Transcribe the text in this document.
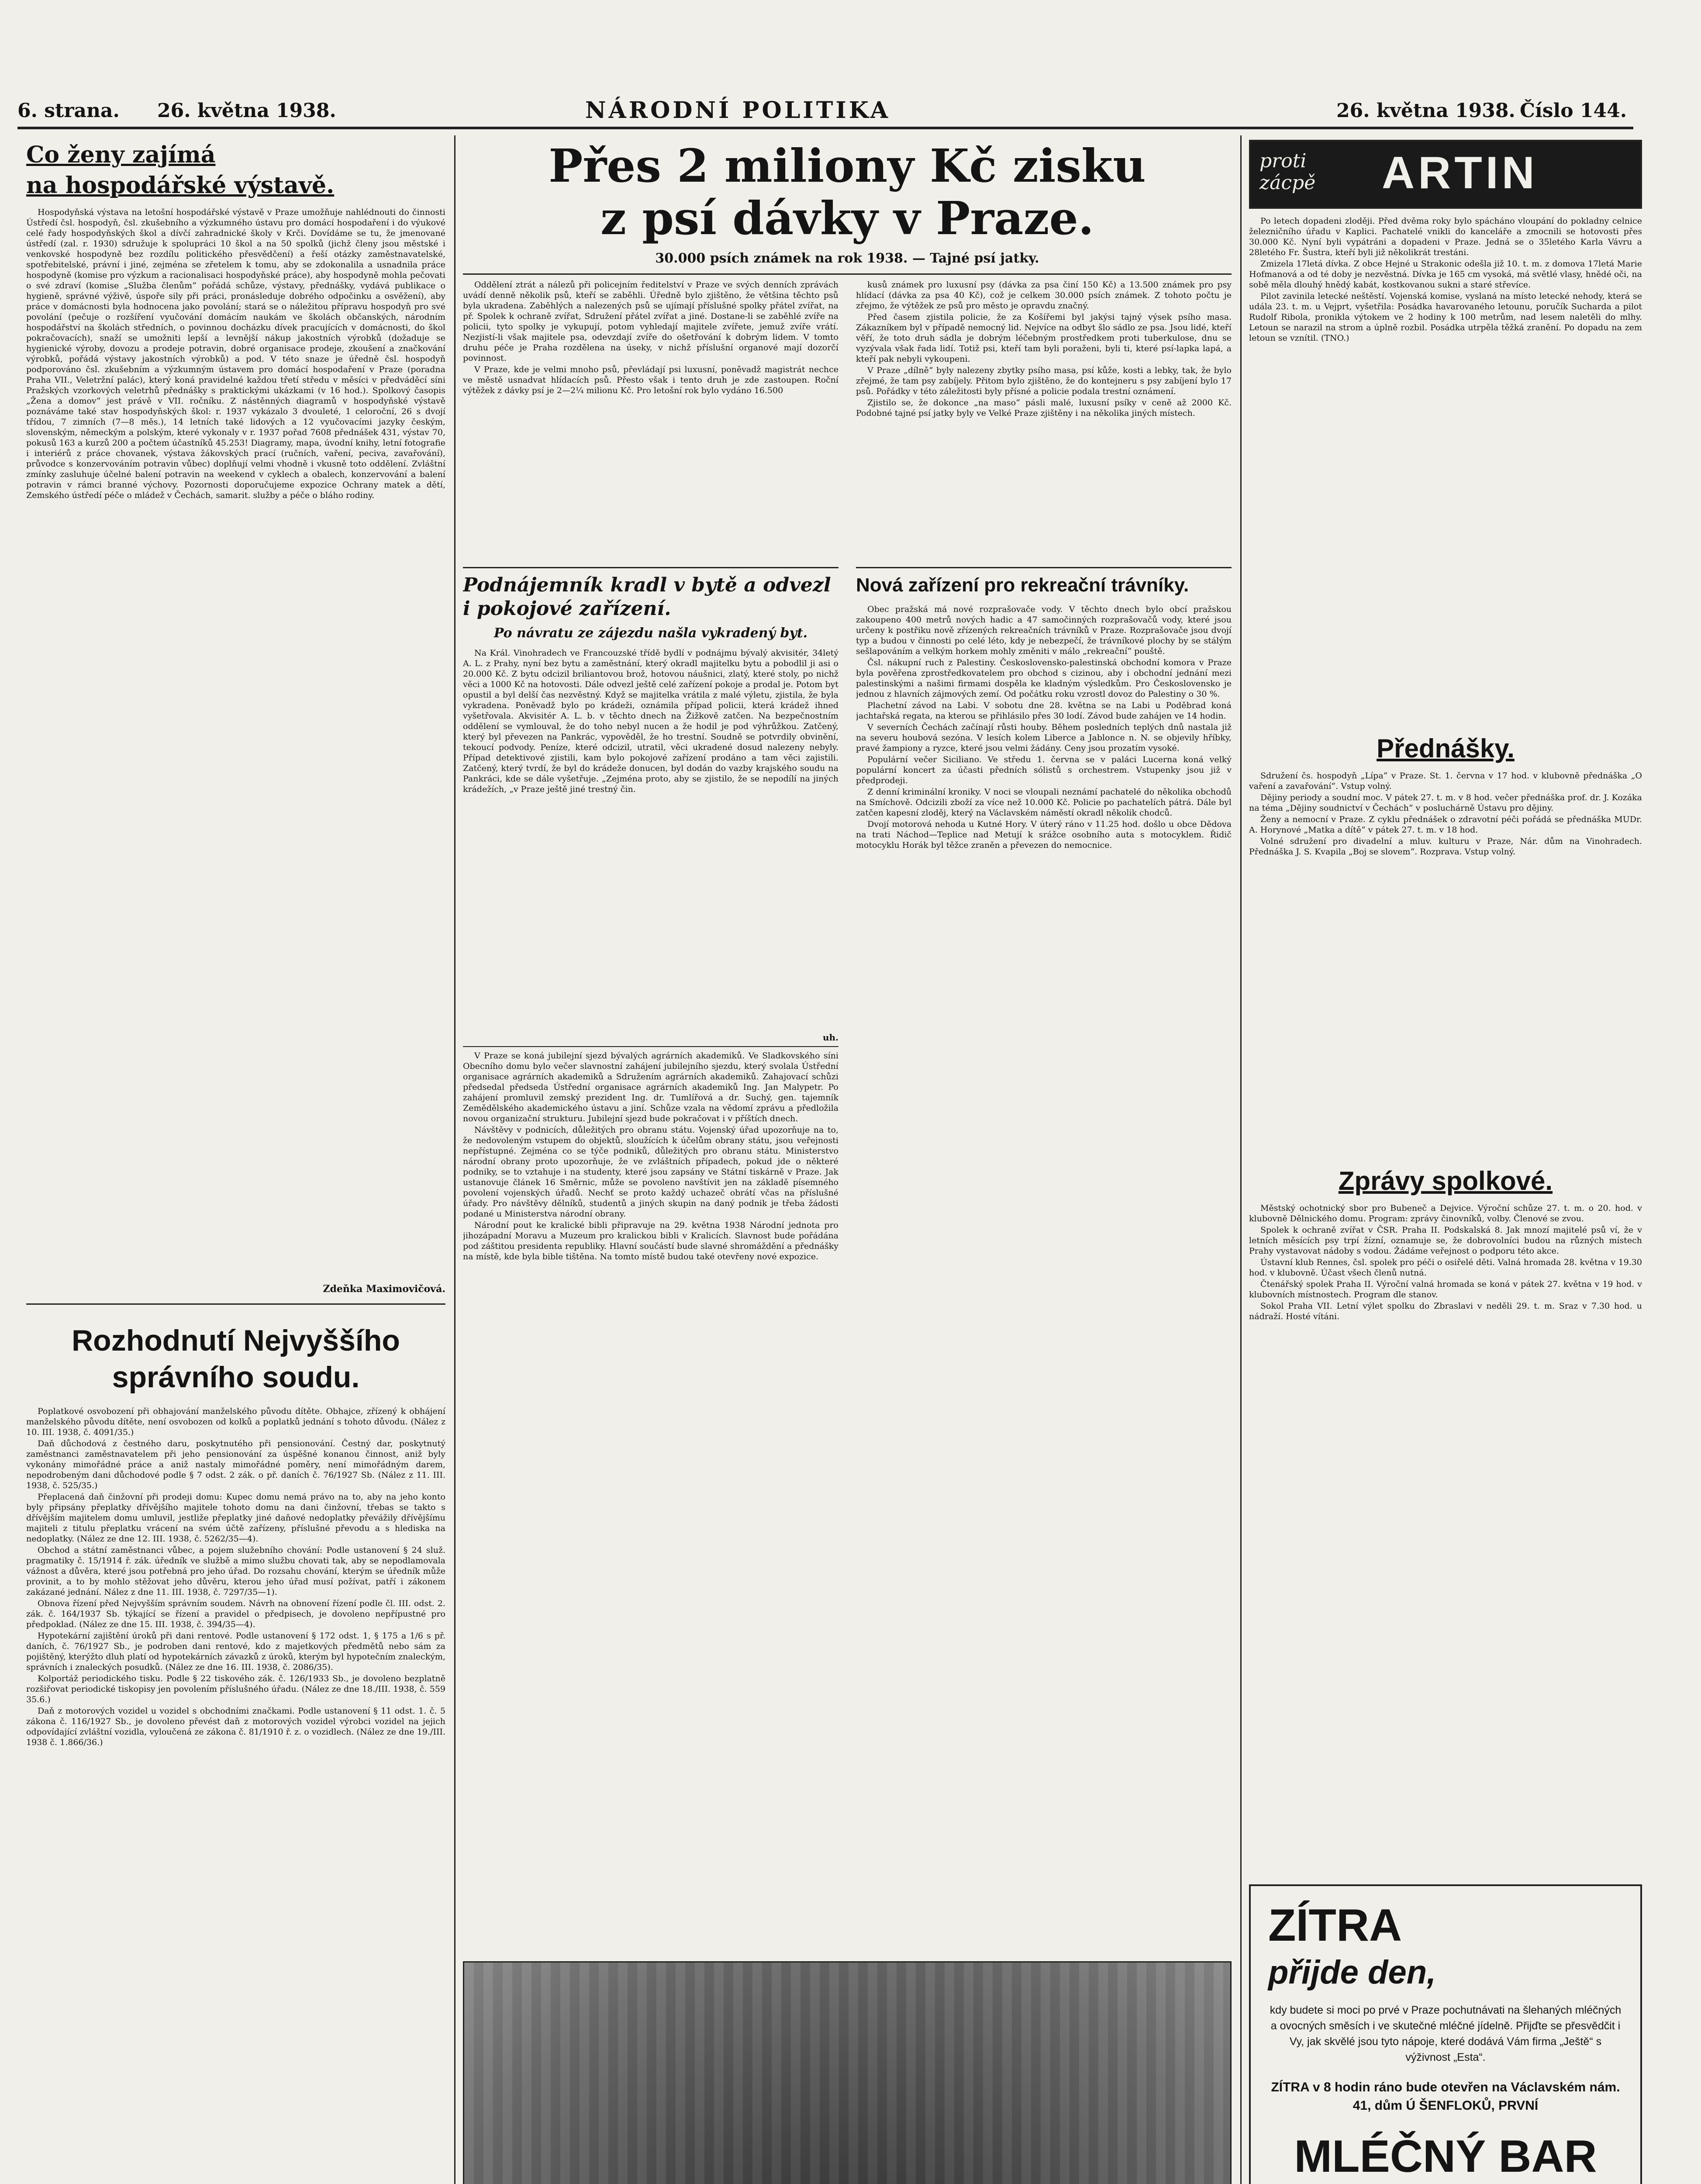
6. strana. 26. května 1938.	NÁRODNÍ POLITIKA	26. května 1938. Číslo 144.
Co ženy zajímá
na hospodářské výstavě.

Hospodyňská výstava na letošní hospodářské výstavě v Praze umožňuje nahlédnouti do činnosti Ústředí čsl. hospodyň, čsl. zkušebního a výzkumného ústavu pro domácí hospodaření i do výukové celé řady hospodyňských škol a dívčí zahradnické školy v Krči. Dovídáme se tu, že jmenované ústředí (zal. r. 1930) sdružuje k spolupráci 10 škol a na 50 spolků (jichž členy jsou městské i venkovské hospodyně bez rozdílu politického přesvědčení) a řeší otázky zaměstnavatelské, spotřebitelské, právní i jiné, zejména se zřetelem k tomu, aby se zdokonalila a usnadnila práce hospodyně (komise pro výzkum a racionalisaci hospodyňské práce), aby hospodyně mohla pečovati o své zdraví (komise „Služba členům“ pořádá schůze, výstavy, přednášky, vydává publikace o hygieně, správné výživě, úspoře sily při práci, pronásleduje dobrého odpočinku a osvěžení), aby práce v domácnosti byla hodnocena jako povolání; stará se o náležitou přípravu hospodyň pro své povolání (pečuje o rozšíření vyučování domácím naukám ve školách občanských, národním hospodářství na školách středních, o povinnou docházku dívek pracujících v domácnosti, do škol pokračovacích), snaží se umožniti lepší a levnější nákup jakostních výrobků (dožaduje se hygienické výroby, dovozu a prodeje potravin, dobré organisace prodeje, zkoušení a značkování výrobků, pořádá výstavy jakostních výrobků) a pod. V této snaze je úředně čsl. hospodyň podporováno čsl. zkušebním a výzkumným ústavem pro domácí hospodaření v Praze (poradna Praha VII., Veletržní palác), který koná pravidelné každou třetí středu v měsíci v předváděcí síni Pražských vzorkových veletrhů přednášky s praktickými ukázkami (v 16 hod.). Spolkový časopis „Žena a domov“ jest právě v VII. ročníku. Z nástěnných diagramů v hospodyňské výstavě poznáváme také stav hospodyňských škol: r. 1937 vykázalo 3 dvouleté, 1 celoroční, 26 s dvojí třídou, 7 zimních (7—8 měs.), 14 letních také lidových a 12 vyučovacími jazyky českým, slovenským, německým a polským, které vykonaly v r. 1937 pořad 7608 přednášek 431, výstav 70, pokusů 163 a kurzů 200 a počtem účastníků 45.253! Diagramy, mapa, úvodní knihy, letní fotografie i interiérů z práce chovanek, výstava žákovských prací (ručních, vaření, peciva, zavařování), průvodce s konzervováním potravin vůbec) doplňují velmi vhodně i vkusně toto oddělení. Zvláštní zmínky zasluhuje účelné balení potravin na weekend v cyklech a obalech, konzervování a balení potravin v rámci branné výchovy. Pozornosti doporučujeme expozice Ochrany matek a dětí, Zemského ústředí péče o mládež v Čechách, samarit. služby a péče o bláho rodiny.

Zdeňka Maximovičová.
Rozhodnutí Nejvyššího
správního soudu.

Poplatkové osvobození při obhajování manželského původu dítěte. Obhajce, zřízený k obhájení manželského původu dítěte, není osvobozen od kolků a poplatků jednání s tohoto důvodu. (Nález z 10. III. 1938, č. 4091/35.)

Daň důchodová z čestného daru, poskytnutého při pensionování. Čestný dar, poskytnutý zaměstnanci zaměstnavatelem při jeho pensionování za úspěšné konanou činnost, aniž byly vykonány mimořádné práce a aniž nastaly mimořádné poměry, není mimořádným darem, nepodrobeným dani důchodové podle § 7 odst. 2 zák. o př. daních č. 76/1927 Sb. (Nález z 11. III. 1938, č. 525/35.)

Přeplacená daň činžovní při prodeji domu: Kupec domu nemá právo na to, aby na jeho konto byly připsány přeplatky dřívějšího majitele tohoto domu na dani činžovní, třebas se takto s dřívějším majitelem domu umluvil, jestliže přeplatky jiné daňové nedoplatky převážily dřívějšímu majiteli z titulu přeplatku vrácení na svém účtě zařízeny, příslušné převodu a s hlediska na nedoplatky. (Nález ze dne 12. III. 1938, č. 5262/35—4).

Obchod a státní zaměstnanci vůbec, a pojem služebního chování: Podle ustanovení § 24 služ. pragmatiky č. 15/1914 ř. zák. úředník ve službě a mimo službu chovati tak, aby se nepodlamovala vážnost a důvěra, které jsou potřebná pro jeho úřad. Do rozsahu chování, kterým se úředník může provinit, a to by mohlo stěžovat jeho důvěru, kterou jeho úřad musí požívat, patří i zákonem zakázané jednání. Nález z dne 11. III. 1938, č. 7297/35—1).

Obnova řízení před Nejvyšším správním soudem. Návrh na obnovení řízení podle čl. III. odst. 2. zák. č. 164/1937 Sb. týkající se řízení a pravidel o předpisech, je dovoleno nepřípustné pro předpoklad. (Nález ze dne 15. III. 1938, č. 394/35—4).

Hypotekární zajištění úroků při dani rentové. Podle ustanovení § 172 odst. 1, § 175 a 1/6 s př. daních, č. 76/1927 Sb., je podroben dani rentové, kdo z majetkových předmětů nebo sám za pojištěný, kterýžto dluh platí od hypotekárních závazků z úroků, kterým byl hypotečním znaleckým, správních i znaleckých posudků. (Nález ze dne 16. III. 1938, č. 2086/35).

Kolportáž periodického tisku. Podle § 22 tiskového zák. č. 126/1933 Sb., je dovoleno bezplatně rozšiřovat periodické tiskopisy jen povolením příslušného úřadu. (Nález ze dne 18./III. 1938, č. 559 35.6.)

Daň z motorových vozidel u vozidel s obchodními značkami. Podle ustanovení § 11 odst. 1. č. 5 zákona č. 116/1927 Sb., je dovoleno převést daň z motorových vozidel výrobci vozidel na jejich odpovídající zvláštní vozidla, vyloučená ze zákona č. 81/1910 ř. z. o vozidlech. (Nález ze dne 19./III. 1938 č. 1.866/36.)

Přes 2 miliony Kč zisku
z psí dávky v Praze.
30.000 psích známek na rok 1938. — Tajné psí jatky.

Oddělení ztrát a nálezů při policejním ředitelství v Praze ve svých denních zprávách uvádí denně několik psů, kteří se zaběhli. Úředně bylo zjištěno, že většina těchto psů byla ukradena. Zaběhlých a nalezených psů se ujímají příslušné spolky přátel zvířat, na př. Spolek k ochraně zvířat, Sdružení přátel zvířat a jiné. Dostane-li se zaběhlé zvíře na policii, tyto spolky je vykupují, potom vyhledají majitele zvířete, jemuž zvíře vrátí. Nezjistí-li však majitele psa, odevzdají zvíře do ošetřování k dobrým lidem. V tomto druhu péče je Praha rozdělena na úseky, v nichž příslušní organové mají dozorčí povinnost.

V Praze, kde je velmi mnoho psů, převládají psi luxusní, poněvadž magistrát nechce ve městě usnadvat hlídacích psů. Přesto však i tento druh je zde zastoupen. Roční výtěžek z dávky psí je 2—2¼ milionu Kč. Pro letošní rok bylo vydáno 16.500

Podnájemník kradl v bytě a odvezl i pokojové zařízení.
Po návratu ze zájezdu našla vykradený byt.

Na Král. Vinohradech ve Francouzské třídě bydlí v podnájmu bývalý akvisitér, 34letý A. L. z Prahy, nyní bez bytu a zaměstnání, který okradl majitelku bytu a pobodlil ji asi o 20.000 Kč. Z bytu odcizil briliantovou brož, hotovou náušnici, zlatý, které stoly, po nichž věci a 1000 Kč na hotovosti. Dále odvezl ještě celé zařízení pokoje a prodal je. Potom byt opustil a byl delší čas nezvěstný. Když se majitelka vrátila z malé výletu, zjistila, že byla vykradena. Poněvadž bylo po krádeži, oznámila případ policii, která krádež ihned vyšetřovala. Akvisitér A. L. b. v těchto dnech na Žižkově zatčen. Na bezpečnostním oddělení se vymlouval, že do toho nebyl nucen a že hodil je pod výhrůžkou. Zatčený, který byl převezen na Pankrác, vypověděl, že ho trestní. Soudně se potvrdily obvinění, tekoucí podvody. Peníze, které odcizil, utratil, věci ukradené dosud nalezeny nebyly. Případ detektivové zjistili, kam bylo pokojové zařízení prodáno a tam věci zajistili. Zatčený, který tvrdí, že byl do krádeže donucen, byl dodán do vazby krajského soudu na Pankráci, kde se dále vyšetřuje. „Zejména proto, aby se zjistilo, že se nepodílí na jiných krádežích, „v Praze ještě jiné trestný čin.

uh.

V Praze se koná jubilejní sjezd bývalých agrárních akademiků. Ve Sladkovského síni Obecního domu bylo večer slavnostní zahájení jubilejního sjezdu, který svolala Ústřední organisace agrárních akademiků a Sdružením agrárních akademiků. Zahajovací schůzi předsedal předseda Ústřední organisace agrárních akademiků Ing. Jan Malypetr. Po zahájení promluvil zemský prezident Ing. dr. Tumlířová a dr. Suchý, gen. tajemník Zemědělského akademického ústavu a jiní. Schůze vzala na vědomí zprávu a předložila novou organizační strukturu. Jubilejní sjezd bude pokračovat i v příštích dnech.

Návštěvy v podnicích, důležitých pro obranu státu. Vojenský úřad upozorňuje na to, že nedovoleným vstupem do objektů, sloužících k účelům obrany státu, jsou veřejnosti nepřístupné. Zejména co se týče podniků, důležitých pro obranu státu. Ministerstvo národní obrany proto upozorňuje, že ve zvláštních případech, pokud jde o některé podniky, se to vztahuje i na studenty, které jsou zapsány ve Státní tiskárně v Praze. Jak ustanovuje článek 16 Směrnic, může se povoleno navštívit jen na základě písemného povolení vojenských úřadů. Nechť se proto každý uchazeč obrátí včas na příslušné úřady. Pro návštěvy dělníků, studentů a jiných skupin na daný podnik je třeba žádosti podané u Ministerstva národní obrany.

Národní pout ke kralické bibli připravuje na 29. května 1938 Národní jednota pro jihozápadní Moravu a Muzeum pro kralickou bibli v Kralicích. Slavnost bude pořádána pod záštitou presidenta republiky. Hlavní součástí bude slavné shromáždění a přednášky na místě, kde byla bible tištěna. Na tomto místě budou také otevřeny nové expozice.

kusů známek pro luxusní psy (dávka za psa činí 150 Kč) a 13.500 známek pro psy hlídací (dávka za psa 40 Kč), což je celkem 30.000 psích známek. Z tohoto počtu je zřejmo, že výtěžek ze psů pro město je opravdu značný.

Před časem zjistila policie, že za Košířemi byl jakýsi tajný výsek psího masa. Zákazníkem byl v případě nemocný lid. Nejvíce na odbyt šlo sádlo ze psa. Jsou lidé, kteří věří, že toto druh sádla je dobrým léčebným prostředkem proti tuberkulose, dnu se vyzývala však řada lidí. Totiž psi, kteří tam byli poraženi, byli ti, které psí-lapka lapá, a kteří pak nebyli vykoupeni.

V Praze „dílně“ byly nalezeny zbytky psího masa, psí kůže, kosti a lebky, tak, že bylo zřejmé, že tam psy zabíjely. Přitom bylo zjištěno, že do kontejneru s psy zabíjení bylo 17 psů. Pořádky v této záležitosti byly přísné a policie podala trestní oznámení.

Zjistilo se, že dokonce „na maso“ pásli malé, luxusní psíky v ceně až 2000 Kč. Podobné tajné psí jatky byly ve Velké Praze zjištěny i na několika jiných místech.

Nová zařízení pro rekreační trávníky.

Obec pražská má nové rozprašovače vody. V těchto dnech bylo obcí pražskou zakoupeno 400 metrů nových hadic a 47 samočinných rozprašovačů vody, které jsou určeny k postřiku nově zřízených rekreačních trávníků v Praze. Rozprašovače jsou dvojí typ a budou v činnosti po celé léto, kdy je nebezpečí, že trávníkové plochy by se stálým sešlapováním a velkým horkem mohly změniti v málo „rekreační“ pouště.

Čsl. nákupní ruch z Palestiny. Československo-palestinská obchodní komora v Praze byla pověřena zprostředkovatelem pro obchod s cizinou, aby i obchodní jednání mezi palestinskými a našimi firmami dospěla ke kladným výsledkům. Pro Československo je jednou z hlavních zájmových zemí. Od počátku roku vzrostl dovoz do Palestiny o 30 %.

Plachetní závod na Labi. V sobotu dne 28. května se na Labi u Poděbrad koná jachtařská regata, na kterou se přihlásilo přes 30 lodí. Závod bude zahájen ve 14 hodin.

V severních Čechách začínají růsti houby. Během posledních teplých dnů nastala již na severu houbová sezóna. V lesích kolem Liberce a Jablonce n. N. se objevily hříbky, pravé žampiony a ryzce, které jsou velmi žádány. Ceny jsou prozatím vysoké.

Populární večer Siciliano. Ve středu 1. června se v paláci Lucerna koná velký populární koncert za účasti předních sólistů s orchestrem. Vstupenky jsou již v předprodeji.

Z denní kriminální kroniky. V noci se vloupali neznámí pachatelé do několika obchodů na Smíchově. Odcizili zboží za více než 10.000 Kč. Policie po pachatelích pátrá. Dále byl zatčen kapesní zloděj, který na Václavském náměstí okradl několik chodců.

Dvojí motorová nehoda u Kutné Hory. V úterý ráno v 11.25 hod. došlo u obce Dědova na trati Náchod—Teplice nad Metují k srážce osobního auta s motocyklem. Řidič motocyklu Horák byl těžce zraněn a převezen do nemocnice.

proti zácpě	ARTIN

Po letech dopadeni zloději. Před dvěma roky bylo spácháno vloupání do pokladny celnice železničního úřadu v Kaplici. Pachatelé vnikli do kanceláře a zmocnili se hotovosti přes 30.000 Kč. Nyní byli vypátráni a dopadeni v Praze. Jedná se o 35letého Karla Vávru a 28letého Fr. Šustra, kteří byli již několikrát trestáni.

Zmizela 17letá dívka. Z obce Hejné u Strakonic odešla již 10. t. m. z domova 17letá Marie Hofmanová a od té doby je nezvěstná. Dívka je 165 cm vysoká, má světlé vlasy, hnědé oči, na sobě měla dlouhý hnědý kabát, kostkovanou sukni a staré střevíce.

Pilot zavinila letecké neštěstí. Vojenská komise, vyslaná na místo letecké nehody, která se udála 23. t. m. u Vejprt, vyšetřila: Posádka havarovaného letounu, poručík Sucharda a pilot Rudolf Ribola, pronikla výtokem ve 2 hodiny k 100 metrům, nad lesem naletěli do mlhy. Letoun se narazil na strom a úplně rozbil. Posádka utrpěla těžká zranění. Po dopadu na zem letoun se vznítil. (TNO.)

Přednášky.

Sdružení čs. hospodyň „Lípa“ v Praze. St. 1. června v 17 hod. v klubovně přednáška „O vaření a zavařování“. Vstup volný.

Dějiny periody a soudní moc. V pátek 27. t. m. v 8 hod. večer přednáška prof. dr. J. Kozáka na téma „Dějiny soudnictví v Čechách“ v posluchárně Ústavu pro dějiny.

Ženy a nemocní v Praze. Z cyklu přednášek o zdravotní péči pořádá se přednáška MUDr. A. Horynové „Matka a dítě“ v pátek 27. t. m. v 18 hod.

Volné sdružení pro divadelní a mluv. kulturu v Praze, Nár. dům na Vinohradech. Přednáška J. S. Kvapila „Boj se slovem“. Rozprava. Vstup volný.

Zprávy spolkové.

Městský ochotnický sbor pro Bubeneč a Dejvice. Výroční schůze 27. t. m. o 20. hod. v klubovně Dělnického domu. Program: zprávy činovníků, volby. Členové se zvou.

Spolek k ochraně zvířat v ČSR. Praha II. Podskalská 8. Jak mnozí majitelé psů ví, že v letních měsících psy trpí žízní, oznamuje se, že dobrovolníci budou na různých místech Prahy vystavovat nádoby s vodou. Žádáme veřejnost o podporu této akce.

Ústavní klub Rennes, čsl. spolek pro péči o osiřelé děti. Valná hromada 28. května v 19.30 hod. v klubovně. Účast všech členů nutná.

Čtenářský spolek Praha II. Výroční valná hromada se koná v pátek 27. května v 19 hod. v klubovních místnostech. Program dle stanov.

Sokol Praha VII. Letní výlet spolku do Zbraslavi v neděli 29. t. m. Sraz v 7.30 hod. u nádraží. Hosté vítáni.

ZÍTRA
přijde den,
kdy budete si moci po prvé v Praze pochutnávati na šlehaných mléčných a ovocných směsích i ve skutečné mléčné jídelně. Přijďte se přesvědčit i Vy, jak skvělé jsou tyto nápoje, které dodává Vám firma „Ještě“ s výživnost „Esta“.
ZÍTRA v 8 hodin ráno bude otevřen na Václavském nám. 41, dům Ú ŠENFLOKŮ, PRVNÍ
MLÉČNÝ BAR
